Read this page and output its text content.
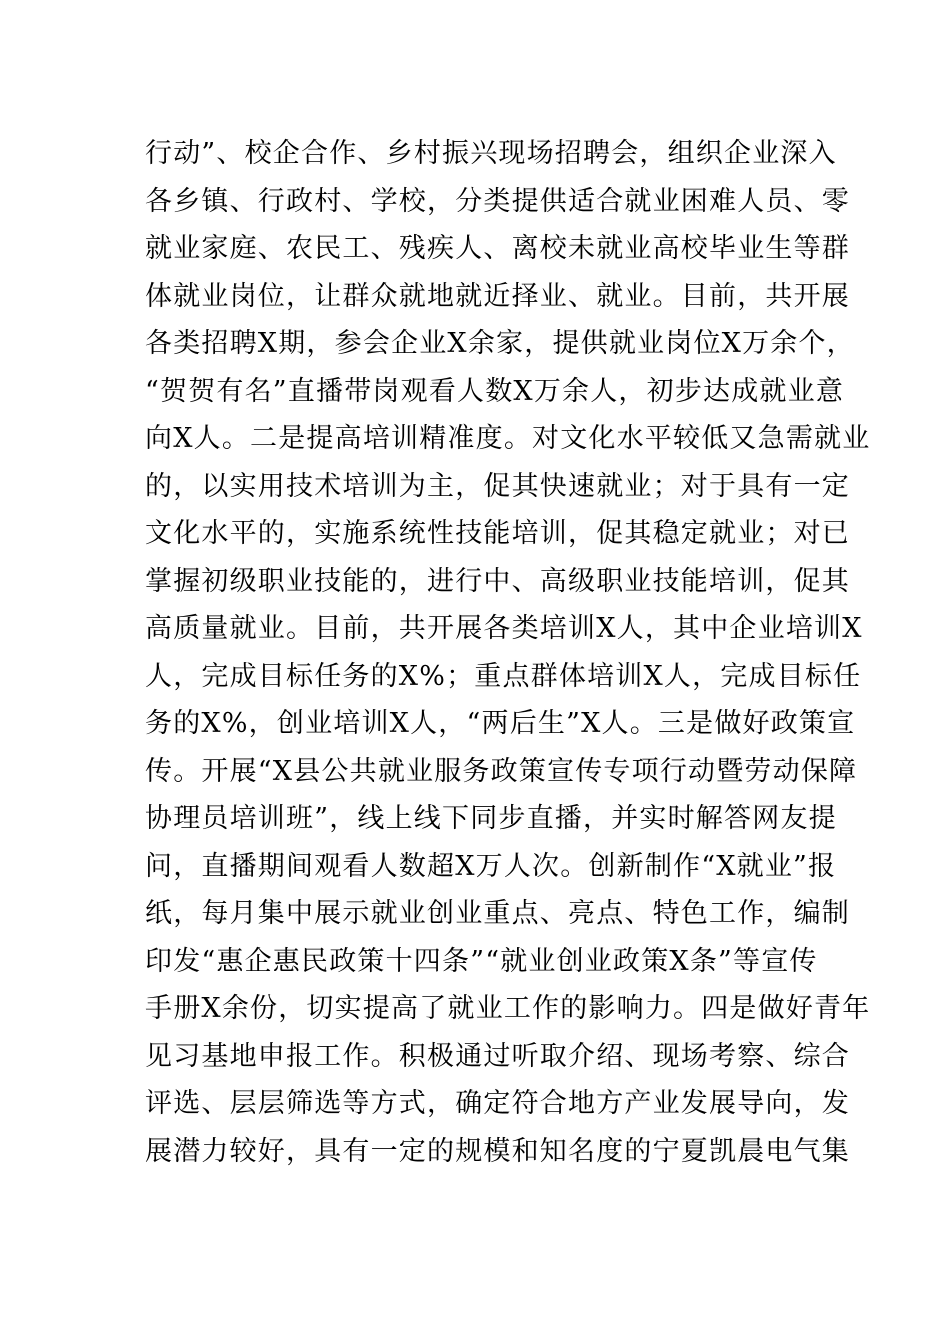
行动”、校企合作、乡村振兴现场招聘会，组织企业深入
各乡镇、行政村、学校，分类提供适合就业困难人员、零
就业家庭、农民工、残疾人、离校未就业高校毕业生等群
体就业岗位，让群众就地就近择业、就业。目前，共开展
各类招聘X期，参会企业X余家，提供就业岗位X万余个，
“贺贺有名”直播带岗观看人数X万余人，初步达成就业意
向X人。二是提高培训精准度。对文化水平较低又急需就业
的，以实用技术培训为主，促其快速就业；对于具有一定
文化水平的，实施系统性技能培训，促其稳定就业；对已
掌握初级职业技能的，进行中、高级职业技能培训，促其
高质量就业。目前，共开展各类培训X人，其中企业培训X
人，完成目标任务的X%；重点群体培训X人，完成目标任
务的X%，创业培训X人，“两后生”X人。三是做好政策宣
传。开展“X县公共就业服务政策宣传专项行动暨劳动保障
协理员培训班”，线上线下同步直播，并实时解答网友提
问，直播期间观看人数超X万人次。创新制作“X就业”报
纸，每月集中展示就业创业重点、亮点、特色工作，编制
印发“惠企惠民政策十四条”“就业创业政策X条”等宣传
手册X余份，切实提高了就业工作的影响力。四是做好青年
见习基地申报工作。积极通过听取介绍、现场考察、综合
评选、层层筛选等方式，确定符合地方产业发展导向，发
展潜力较好，具有一定的规模和知名度的宁夏凯晨电气集
